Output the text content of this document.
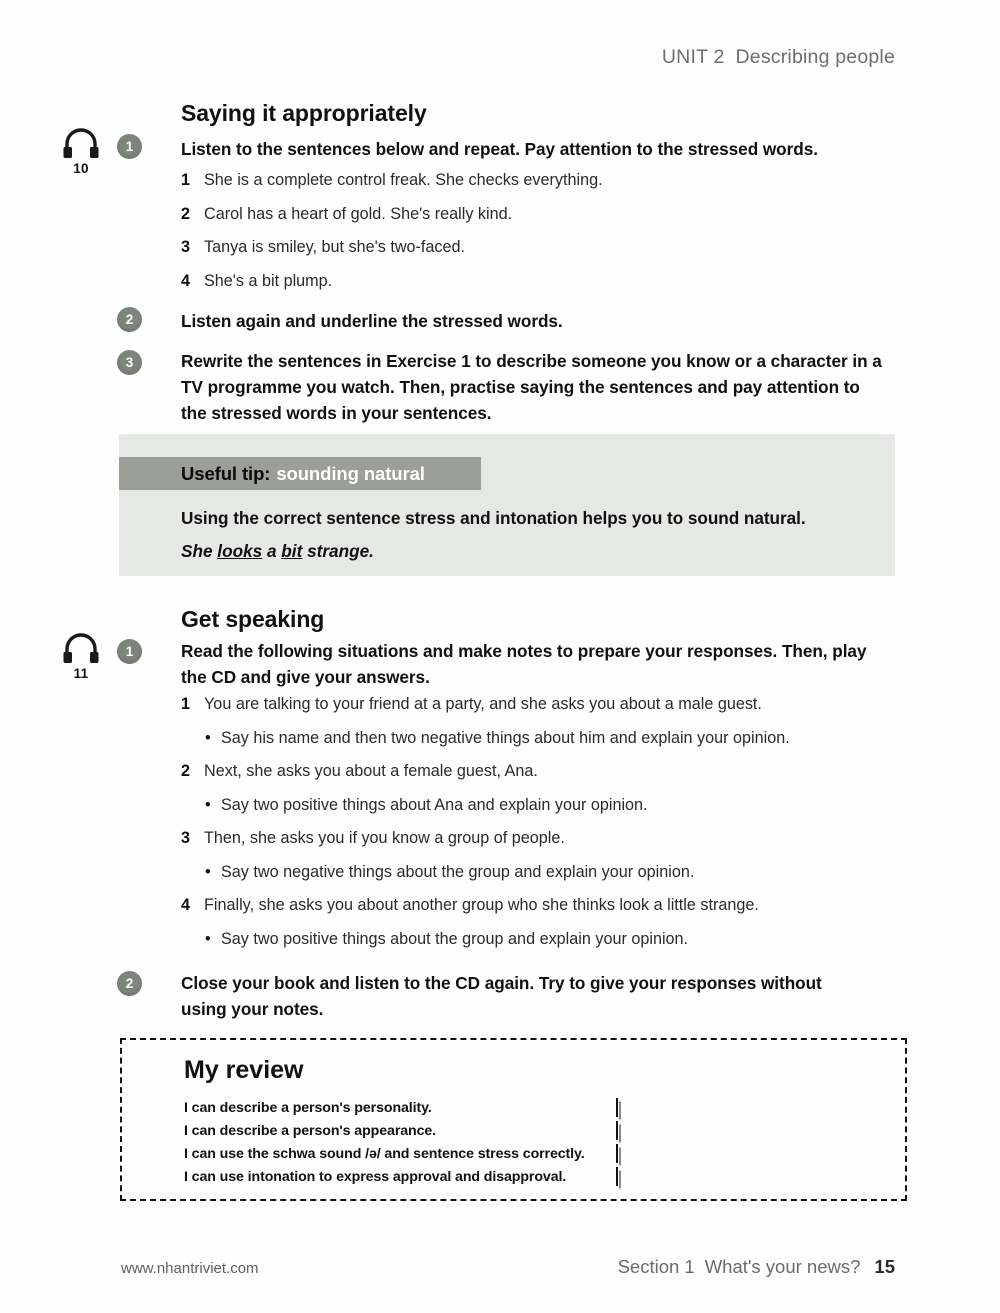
UNIT 2 Describing people
Saying it appropriately
10
1	Listen to the sentences below and repeat. Pay attention to the stressed words.
1 She is a complete control freak. She checks everything.
2 Carol has a heart of gold. She's really kind.
3 Tanya is smiley, but she's two-faced.
4 She's a bit plump.
2	Listen again and underline the stressed words.
3	Rewrite the sentences in Exercise 1 to describe someone you know or a character in a TV programme you watch. Then, practise saying the sentences and pay attention to the stressed words in your sentences.
Useful tip: sounding natural
Using the correct sentence stress and intonation helps you to sound natural.
She looks a bit strange.
Get speaking
11
1	Read the following situations and make notes to prepare your responses. Then, play the CD and give your answers.
1 You are talking to your friend at a party, and she asks you about a male guest.
• Say his name and then two negative things about him and explain your opinion.
2 Next, she asks you about a female guest, Ana.
• Say two positive things about Ana and explain your opinion.
3 Then, she asks you if you know a group of people.
• Say two negative things about the group and explain your opinion.
4 Finally, she asks you about another group who she thinks look a little strange.
• Say two positive things about the group and explain your opinion.
2	Close your book and listen to the CD again. Try to give your responses without using your notes.
My review
I can describe a person's personality.
I can describe a person's appearance.
I can use the schwa sound /ə/ and sentence stress correctly.
I can use intonation to express approval and disapproval.
www.nhantriviet.com	Section 1 What's your news? 15
